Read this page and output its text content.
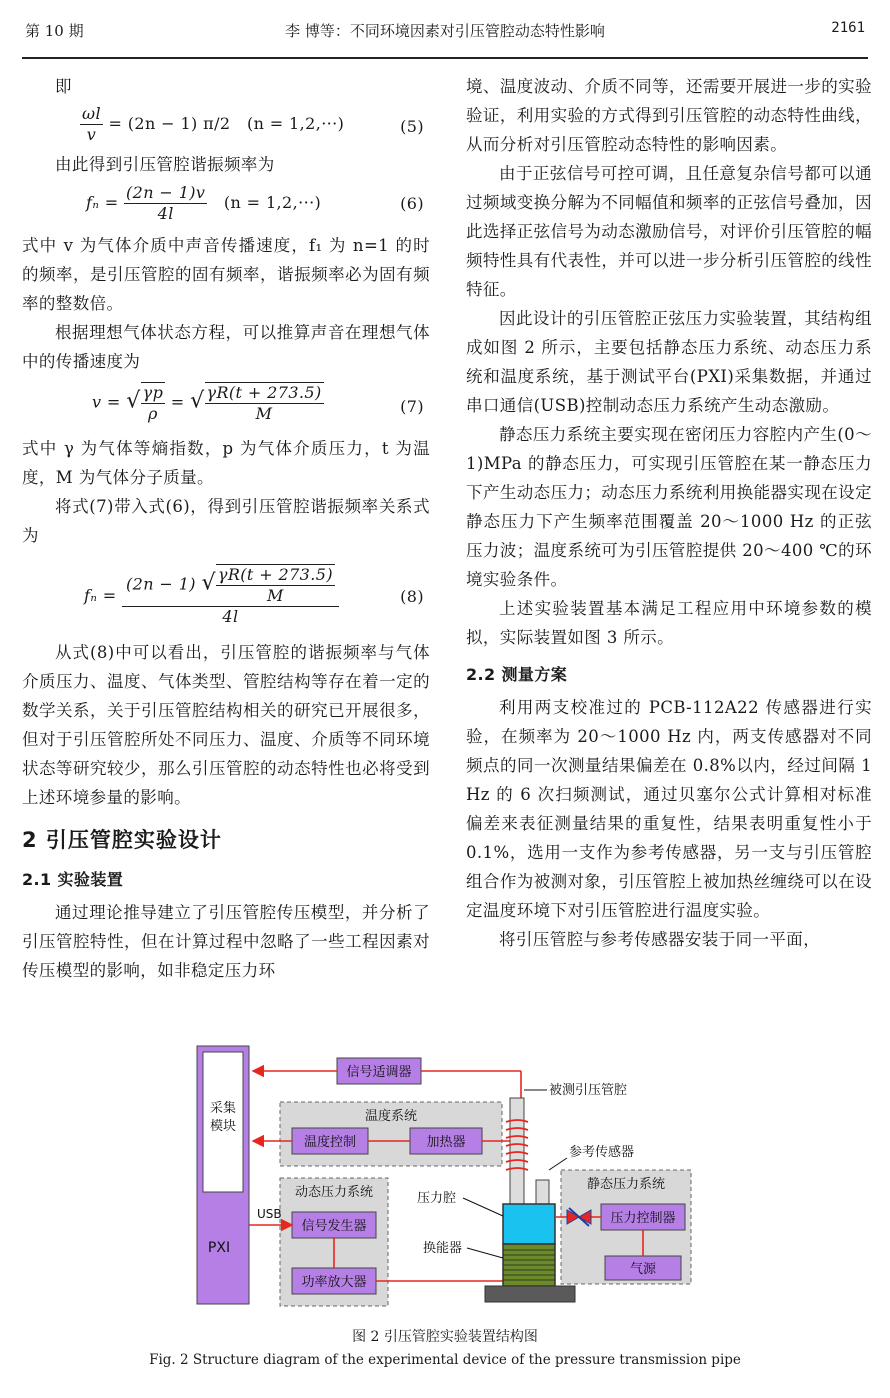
第 10 期	李 博等：不同环境因素对引压管腔动态特性影响	2161

即

$\frac{\omega l}{v} = (2n - 1)$ π/2 (n = 1,2,···)	(5)

由此得到引压管腔谐振频率为

$f_n = \frac{(2n - 1)v}{4l} (n = 1,2,\cdot\cdot\cdot)$	(6)

式中 v 为气体介质中声音传播速度，f₁ 为 n=1 的时的频率，是引压管腔的固有频率，谐振频率必为固有频率的整数倍。

根据理想气体状态方程，可以推算声音在理想气体中的传播速度为

v = √ $\frac{\gamma p}{\rho}$ = √ $\frac{\gamma R(t + 273.5)}{M}$	(7)

式中 γ 为气体等熵指数，p 为气体介质压力，t 为温度，M 为气体分子质量。

将式(7)带入式(6)，得到引压管腔谐振频率关系式为

$f_n = \frac{(2n - 1) √ \frac{\gamma R(t + 273.5)}{M}}{4l}$	(8)

从式(8)中可以看出，引压管腔的谐振频率与气体介质压力、温度、气体类型、管腔结构等存在着一定的数学关系，关于引压管腔结构相关的研究已开展很多，但对于引压管腔所处不同压力、温度、介质等不同环境状态等研究较少，那么引压管腔的动态特性也必将受到上述环境参量的影响。

2 引压管腔实验设计
2.1 实验装置

通过理论推导建立了引压管腔传压模型，并分析了引压管腔特性，但在计算过程中忽略了一些工程因素对传压模型的影响，如非稳定压力环

境、温度波动、介质不同等，还需要开展进一步的实验验证，利用实验的方式得到引压管腔的动态特性曲线，从而分析对引压管腔动态特性的影响因素。

由于正弦信号可控可调，且任意复杂信号都可以通过频域变换分解为不同幅值和频率的正弦信号叠加，因此选择正弦信号为动态激励信号，对评价引压管腔的幅频特性具有代表性，并可以进一步分析引压管腔的线性特征。

因此设计的引压管腔正弦压力实验装置，其结构组成如图 2 所示，主要包括静态压力系统、动态压力系统和温度系统，基于测试平台(PXI)采集数据，并通过串口通信(USB)控制动态压力系统产生动态激励。

静态压力系统主要实现在密闭压力容腔内产生(0～1)MPa 的静态压力，可实现引压管腔在某一静态压力下产生动态压力；动态压力系统利用换能器实现在设定静态压力下产生频率范围覆盖 20～1000 Hz 的正弦压力波；温度系统可为引压管腔提供 20～400 ℃的环境实验条件。

上述实验装置基本满足工程应用中环境参数的模拟，实际装置如图 3 所示。

2.2 测量方案

利用两支校准过的 PCB-112A22 传感器进行实验，在频率为 20～1000 Hz 内，两支传感器对不同频点的同一次测量结果偏差在 0.8%以内，经过间隔 1 Hz 的 6 次扫频测试，通过贝塞尔公式计算相对标准偏差来表征测量结果的重复性，结果表明重复性小于 0.1%，选用一支作为参考传感器，另一支与引压管腔组合作为被测对象，引压管腔上被加热丝缠绕可以在设定温度环境下对引压管腔进行温度实验。

将引压管腔与参考传感器安装于同一平面，

采集
模块
PXI
信号适调器
温度系统
温度控制	加热器
动态压力系统
信号发生器
功率放大器
USB
被测引压管腔
参考传感器
压力腔
换能器
静态压力系统
压力控制器
气源
图 2 引压管腔实验装置结构图
Fig. 2 Structure diagram of the experimental device of the pressure transmission pipe
